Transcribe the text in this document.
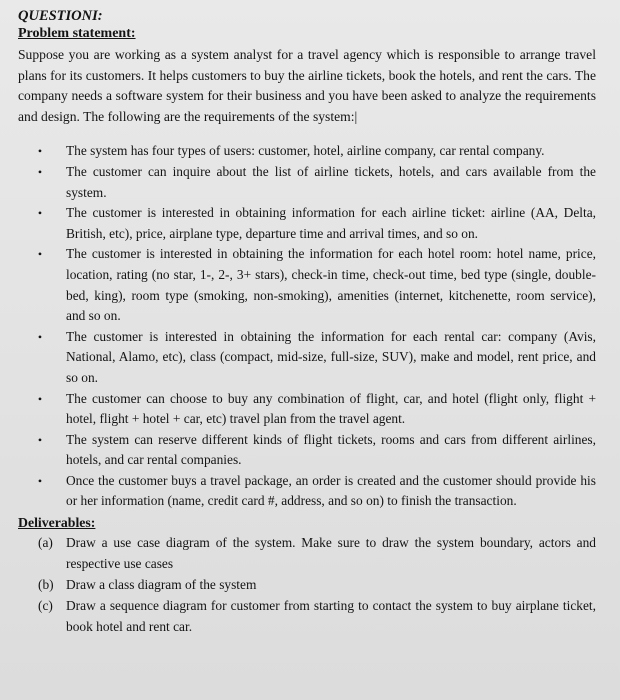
QUESTIONI:

Problem statement:

Suppose you are working as a system analyst for a travel agency which is responsible to arrange travel plans for its customers. It helps customers to buy the airline tickets, book the hotels, and rent the cars. The company needs a software system for their business and you have been asked to analyze the requirements and design. The following are the requirements of the system:|

• The system has four types of users: customer, hotel, airline company, car rental company.
• The customer can inquire about the list of airline tickets, hotels, and cars available from the system.
• The customer is interested in obtaining information for each airline ticket: airline (AA, Delta, British, etc), price, airplane type, departure time and arrival times, and so on.
• The customer is interested in obtaining the information for each hotel room: hotel name, price, location, rating (no star, 1-, 2-, 3+ stars), check-in time, check-out time, bed type (single, double-bed, king), room type (smoking, non-smoking), amenities (internet, kitchenette, room service), and so on.
• The customer is interested in obtaining the information for each rental car: company (Avis, National, Alamo, etc), class (compact, mid-size, full-size, SUV), make and model, rent price, and so on.
• The customer can choose to buy any combination of flight, car, and hotel (flight only, flight + hotel, flight + hotel + car, etc) travel plan from the travel agent.
• The system can reserve different kinds of flight tickets, rooms and cars from different airlines, hotels, and car rental companies.
• Once the customer buys a travel package, an order is created and the customer should provide his or her information (name, credit card #, address, and so on) to finish the transaction.

Deliverables:

(a) Draw a use case diagram of the system. Make sure to draw the system boundary, actors and respective use cases
(b) Draw a class diagram of the system
(c) Draw a sequence diagram for customer from starting to contact the system to buy airplane ticket, book hotel and rent car.
